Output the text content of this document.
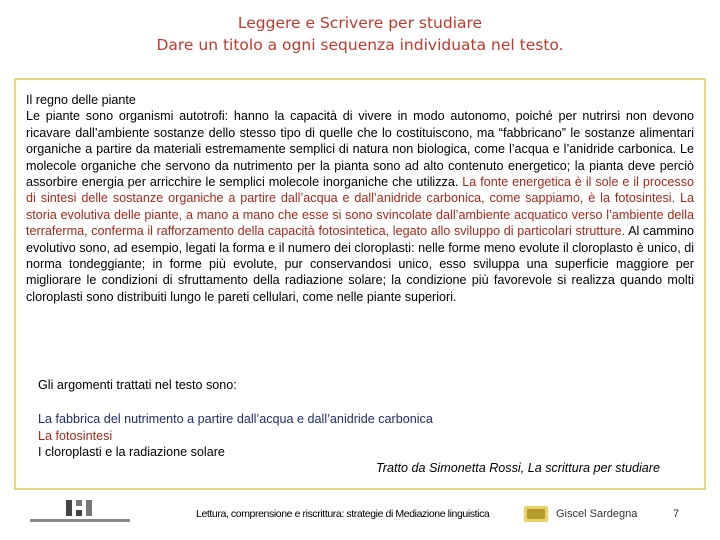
Leggere e Scrivere per studiare
Dare un titolo a ogni sequenza individuata nel testo.
Il regno delle piante
Le piante sono organismi autotrofi: hanno la capacità di vivere in modo autonomo, poiché per nutrirsi non devono ricavare dall’ambiente sostanze dello stesso tipo di quelle che lo costituiscono, ma “fabbricano” le sostanze alimentari organiche a partire da materiali estremamente semplici di natura non biologica, come l’acqua e l’anidride carbonica. Le molecole organiche che servono da nutrimento per la pianta sono ad alto contenuto energetico; la pianta deve perciò assorbire energia per arricchire le semplici molecole inorganiche che utilizza. La fonte energetica è il sole e il processo di sintesi delle sostanze organiche a partire dall’acqua e dall’anidride carbonica, come sappiamo, è la fotosintesi. La storia evolutiva delle piante, a mano a mano che esse si sono svincolate dall’ambiente acquatico verso l’ambiente della terraferma, conferma il rafforzamento della capacità fotosintetica, legato allo sviluppo di particolari strutture. Al cammino evolutivo sono, ad esempio, legati la forma e il numero dei cloroplasti: nelle forme meno evolute il cloroplasto è unico, di norma tondeggiante; in forme più evolute, pur conservandosi unico, esso sviluppa una superficie maggiore per migliorare le condizioni di sfruttamento della radiazione solare; la condizione più favorevole si realizza quando molti cloroplasti sono distribuiti lungo le pareti cellulari, come nelle piante superiori.
Gli argomenti trattati nel testo sono:
La fabbrica del nutrimento a partire dall’acqua e dall’anidride carbonica
La fotosintesi
I cloroplasti e la radiazione solare
Tratto da Simonetta Rossi, La scrittura per studiare
Lettura, comprensione e riscrittura: strategie di Mediazione linguistica	Giscel Sardegna	7
